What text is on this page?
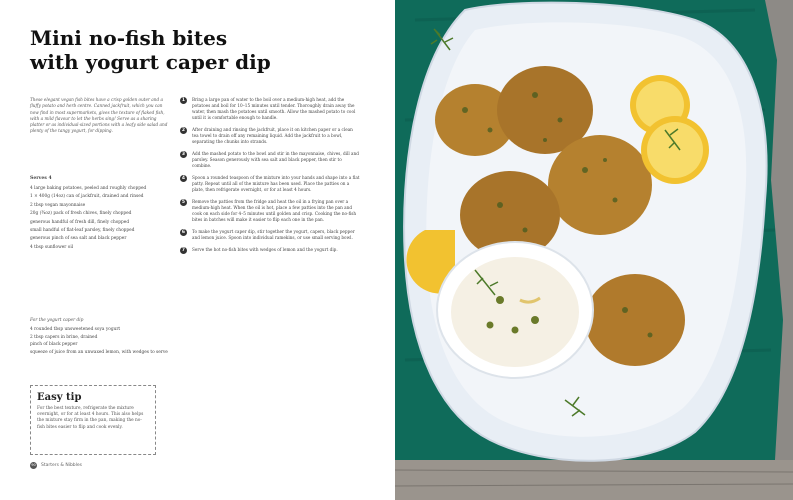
Mini no-fish bites
with yogurt caper dip

These elegant vegan fish bites have a crisp golden outer and a fluffy potato and herb centre. Canned jackfruit, which you can now find in most supermarkets, gives the texture of flaked fish, with a mild flavour to let the herbs sing! Serve as a sharing platter or as individual-sized portions with a leafy side salad and plenty of the tangy yogurt, for dipping.

Serves 4
4 large baking potatoes, peeled and roughly chopped
1 × 400g (14oz) can of jackfruit, drained and rinsed
2 tbsp vegan mayonnaise
20g (¾oz) pack of fresh chives, finely chopped
generous handful of fresh dill, finely chopped
small handful of flat-leaf parsley, finely chopped
generous pinch of sea salt and black pepper
4 tbsp sunflower oil
For the yogurt caper dip
4 rounded tbsp unsweetened soya yogurt
2 tbsp capers in brine, drained
pinch of black pepper
squeeze of juice from an unwaxed lemon, with wedges to serve
1	Bring a large pan of water to the boil over a medium-high heat, add the potatoes and boil for 10–15 minutes until tender. Thoroughly drain away the water, then mash the potatoes until smooth. Allow the mashed potato to cool until it is comfortable enough to handle.
2	After draining and rinsing the jackfruit, place it on kitchen paper or a clean tea towel to drain off any remaining liquid. Add the jackfruit to a bowl, separating the chunks into strands.
3	Add the mashed potato to the bowl and stir in the mayonnaise, chives, dill and parsley. Season generously with sea salt and black pepper, then stir to combine.
4	Spoon a rounded teaspoon of the mixture into your hands and shape into a flat patty. Repeat until all of the mixture has been used. Place the patties on a plate, then refrigerate overnight, or for at least 4 hours.
5	Remove the patties from the fridge and heat the oil in a frying pan over a medium-high heat. When the oil is hot, place a few patties into the pan and cook on each side for 4–5 minutes until golden and crisp. Cooking the no-fish bites in batches will make it easier to flip each one in the pan.
6	To make the yogurt caper dip, stir together the yogurt, capers, black pepper and lemon juice. Spoon into individual ramekins, or use small serving bowl.
7	Serve the hot no-fish bites with wedges of lemon and the yogurt dip.
Easy tip

For the best texture, refrigerate the mixture overnight, or for at least 4 hours. This also helps the mixture stay firm in the pan, making the no-fish bites easier to flip and cook evenly.

90 Starters & Nibbles
